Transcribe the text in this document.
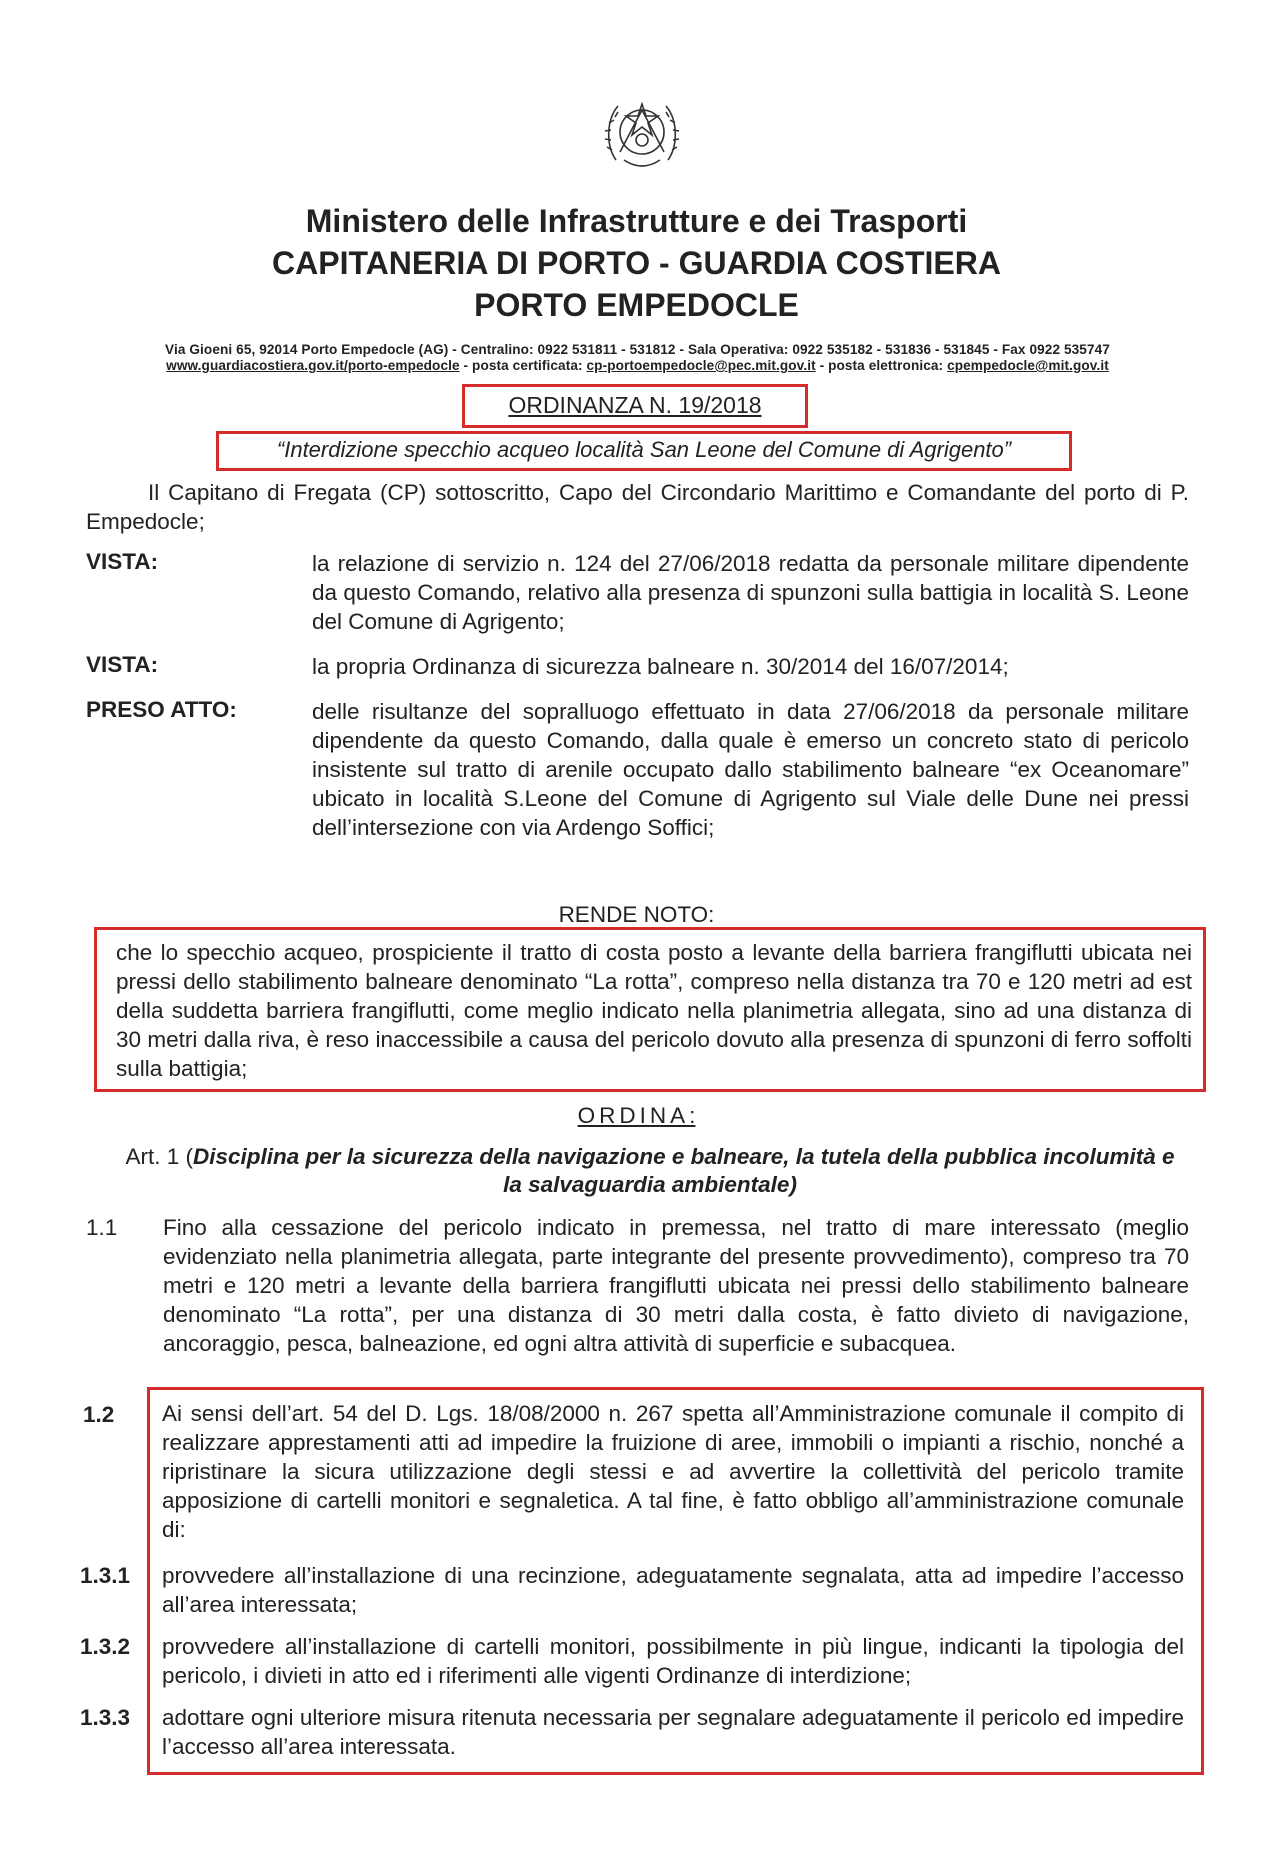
Ministero delle Infrastrutture e dei Trasporti
CAPITANERIA DI PORTO - GUARDIA COSTIERA
PORTO EMPEDOCLE
Via Gioeni 65, 92014 Porto Empedocle (AG) - Centralino: 0922 531811 - 531812 - Sala Operativa: 0922 535182 - 531836 - 531845 - Fax 0922 535747
www.guardiacostiera.gov.it/porto-empedocle - posta certificata: cp-portoempedocle@pec.mit.gov.it - posta elettronica: cpempedocle@mit.gov.it
ORDINANZA N. 19/2018
“Interdizione specchio acqueo località San Leone del Comune di Agrigento”
Il Capitano di Fregata (CP) sottoscritto, Capo del Circondario Marittimo e Comandante del porto di P. Empedocle;
VISTA:	la relazione di servizio n. 124 del 27/06/2018 redatta da personale militare dipendente da questo Comando, relativo alla presenza di spunzoni sulla battigia in località S. Leone del Comune di Agrigento;
VISTA:	la propria Ordinanza di sicurezza balneare n. 30/2014 del 16/07/2014;
PRESO ATTO:	delle risultanze del sopralluogo effettuato in data 27/06/2018 da personale militare dipendente da questo Comando, dalla quale è emerso un concreto stato di pericolo insistente sul tratto di arenile occupato dallo stabilimento balneare “ex Oceanomare” ubicato in località S.Leone del Comune di Agrigento sul Viale delle Dune nei pressi dell’intersezione con via Ardengo Soffici;
RENDE NOTO:
che lo specchio acqueo, prospiciente il tratto di costa posto a levante della barriera frangiflutti ubicata nei pressi dello stabilimento balneare denominato “La rotta”, compreso nella distanza tra 70 e 120 metri ad est della suddetta barriera frangiflutti, come meglio indicato nella planimetria allegata, sino ad una distanza di 30 metri dalla riva, è reso inaccessibile a causa del pericolo dovuto alla presenza di spunzoni di ferro soffolti sulla battigia;
ORDINA:
Art. 1 (Disciplina per la sicurezza della navigazione e balneare, la tutela della pubblica incolumità e la salvaguardia ambientale)
1.1 Fino alla cessazione del pericolo indicato in premessa, nel tratto di mare interessato (meglio evidenziato nella planimetria allegata, parte integrante del presente provvedimento), compreso tra 70 metri e 120 metri a levante della barriera frangiflutti ubicata nei pressi dello stabilimento balneare denominato “La rotta”, per una distanza di 30 metri dalla costa, è fatto divieto di navigazione, ancoraggio, pesca, balneazione, ed ogni altra attività di superficie e subacquea.
1.2 Ai sensi dell’art. 54 del D. Lgs. 18/08/2000 n. 267 spetta all’Amministrazione comunale il compito di realizzare apprestamenti atti ad impedire la fruizione di aree, immobili o impianti a rischio, nonché a ripristinare la sicura utilizzazione degli stessi e ad avvertire la collettività del pericolo tramite apposizione di cartelli monitori e segnaletica. A tal fine, è fatto obbligo all’amministrazione comunale di:
1.3.1 provvedere all’installazione di una recinzione, adeguatamente segnalata, atta ad impedire l’accesso all’area interessata;
1.3.2 provvedere all’installazione di cartelli monitori, possibilmente in più lingue, indicanti la tipologia del pericolo, i divieti in atto ed i riferimenti alle vigenti Ordinanze di interdizione;
1.3.3 adottare ogni ulteriore misura ritenuta necessaria per segnalare adeguatamente il pericolo ed impedire l’accesso all’area interessata.
